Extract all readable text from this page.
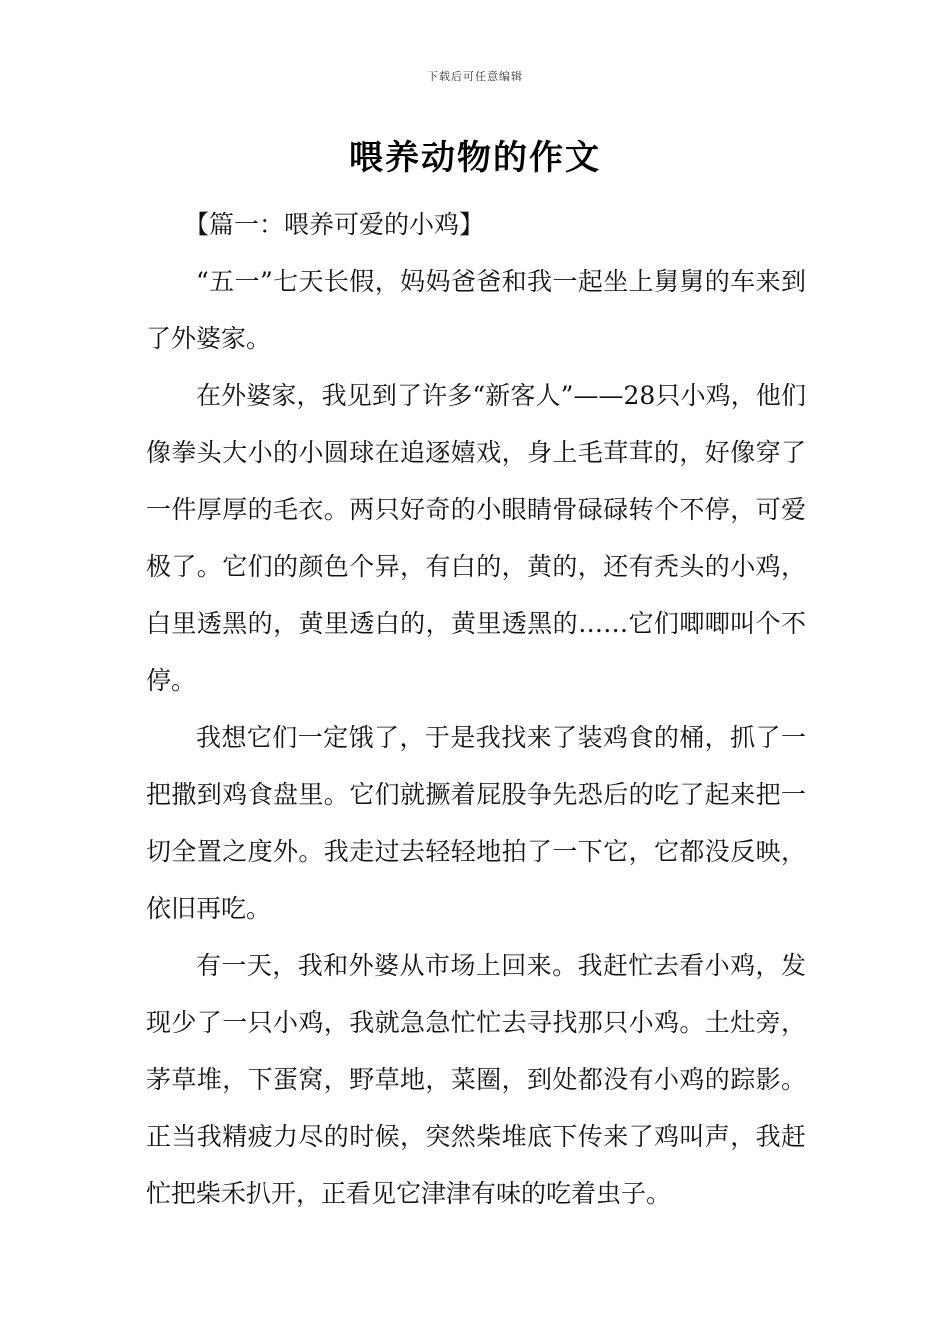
下载后可任意编辑
喂养动物的作文

【篇一：喂养可爱的小鸡】

“五一”七天长假，妈妈爸爸和我一起坐上舅舅的车来到了外婆家。

在外婆家，我见到了许多“新客人”——28只小鸡，他们像拳头大小的小圆球在追逐嬉戏，身上毛茸茸的，好像穿了一件厚厚的毛衣。两只好奇的小眼睛骨碌碌转个不停，可爱极了。它们的颜色个异，有白的，黄的，还有秃头的小鸡，白里透黑的，黄里透白的，黄里透黑的……它们唧唧叫个不停。

我想它们一定饿了，于是我找来了装鸡食的桶，抓了一把撒到鸡食盘里。它们就撅着屁股争先恐后的吃了起来把一切全置之度外。我走过去轻轻地拍了一下它，它都没反映，依旧再吃。

有一天，我和外婆从市场上回来。我赶忙去看小鸡，发现少了一只小鸡，我就急急忙忙去寻找那只小鸡。土灶旁，茅草堆，下蛋窝，野草地，菜圈，到处都没有小鸡的踪影。正当我精疲力尽的时候，突然柴堆底下传来了鸡叫声，我赶忙把柴禾扒开，正看见它津津有味的吃着虫子。
